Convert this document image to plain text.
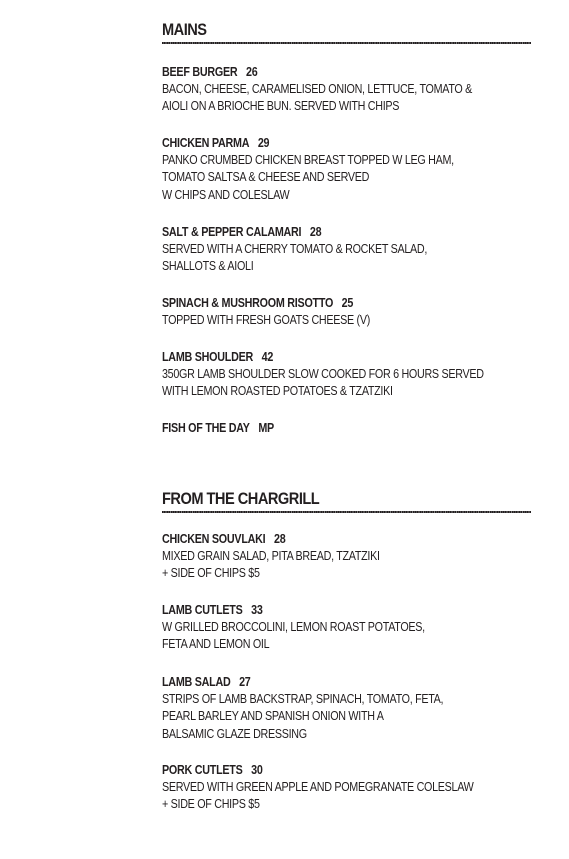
MAINS
BEEF BURGER 26
BACON, CHEESE, CARAMELISED ONION, LETTUCE, TOMATO &
AIOLI ON A BRIOCHE BUN. SERVED WITH CHIPS
CHICKEN PARMA 29
PANKO CRUMBED CHICKEN BREAST TOPPED W LEG HAM,
TOMATO SALTSA & CHEESE AND SERVED
W CHIPS AND COLESLAW
SALT & PEPPER CALAMARI 28
SERVED WITH A CHERRY TOMATO & ROCKET SALAD,
SHALLOTS & AIOLI
SPINACH & MUSHROOM RISOTTO 25
TOPPED WITH FRESH GOATS CHEESE (V)
LAMB SHOULDER 42
350GR LAMB SHOULDER SLOW COOKED FOR 6 HOURS SERVED
WITH LEMON ROASTED POTATOES & TZATZIKI
FISH OF THE DAY MP
FROM THE CHARGRILL
CHICKEN SOUVLAKI 28
MIXED GRAIN SALAD, PITA BREAD, TZATZIKI
+ SIDE OF CHIPS $5
LAMB CUTLETS 33
W GRILLED BROCCOLINI, LEMON ROAST POTATOES,
FETA AND LEMON OIL
LAMB SALAD 27
STRIPS OF LAMB BACKSTRAP, SPINACH, TOMATO, FETA,
PEARL BARLEY AND SPANISH ONION WITH A
BALSAMIC GLAZE DRESSING
PORK CUTLETS 30
SERVED WITH GREEN APPLE AND POMEGRANATE COLESLAW
+ SIDE OF CHIPS $5
